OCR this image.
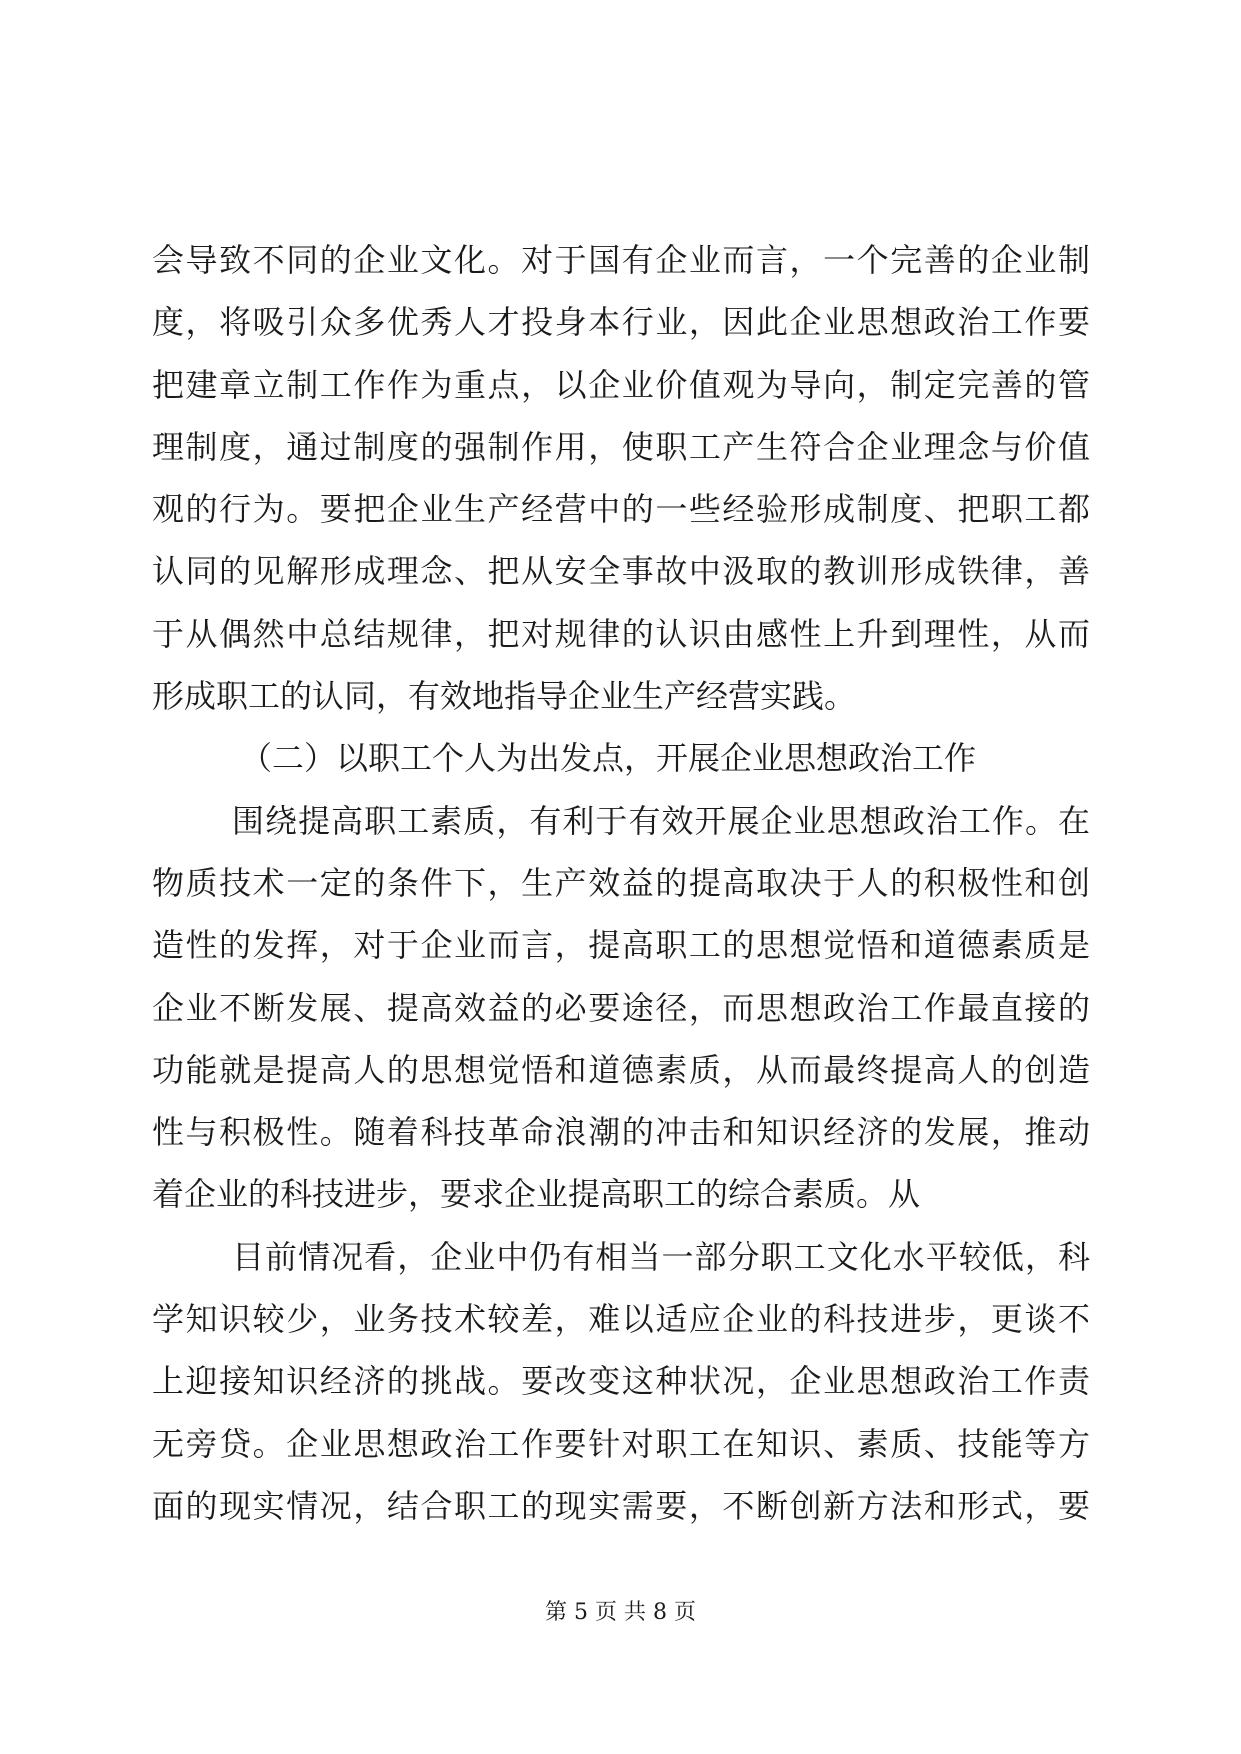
会导致不同的企业文化。对于国有企业而言，一个完善的企业制
度，将吸引众多优秀人才投身本行业，因此企业思想政治工作要
把建章立制工作作为重点，以企业价值观为导向，制定完善的管
理制度，通过制度的强制作用，使职工产生符合企业理念与价值
观的行为。要把企业生产经营中的一些经验形成制度、把职工都
认同的见解形成理念、把从安全事故中汲取的教训形成铁律，善
于从偶然中总结规律，把对规律的认识由感性上升到理性，从而
形成职工的认同，有效地指导企业生产经营实践。
（二）以职工个人为出发点，开展企业思想政治工作
围绕提高职工素质，有利于有效开展企业思想政治工作。在
物质技术一定的条件下，生产效益的提高取决于人的积极性和创
造性的发挥，对于企业而言，提高职工的思想觉悟和道德素质是
企业不断发展、提高效益的必要途径，而思想政治工作最直接的
功能就是提高人的思想觉悟和道德素质，从而最终提高人的创造
性与积极性。随着科技革命浪潮的冲击和知识经济的发展，推动
着企业的科技进步，要求企业提高职工的综合素质。从
目前情况看，企业中仍有相当一部分职工文化水平较低，科
学知识较少，业务技术较差，难以适应企业的科技进步，更谈不
上迎接知识经济的挑战。要改变这种状况，企业思想政治工作责
无旁贷。企业思想政治工作要针对职工在知识、素质、技能等方
面的现实情况，结合职工的现实需要，不断创新方法和形式，要
第 5 页 共 8 页
